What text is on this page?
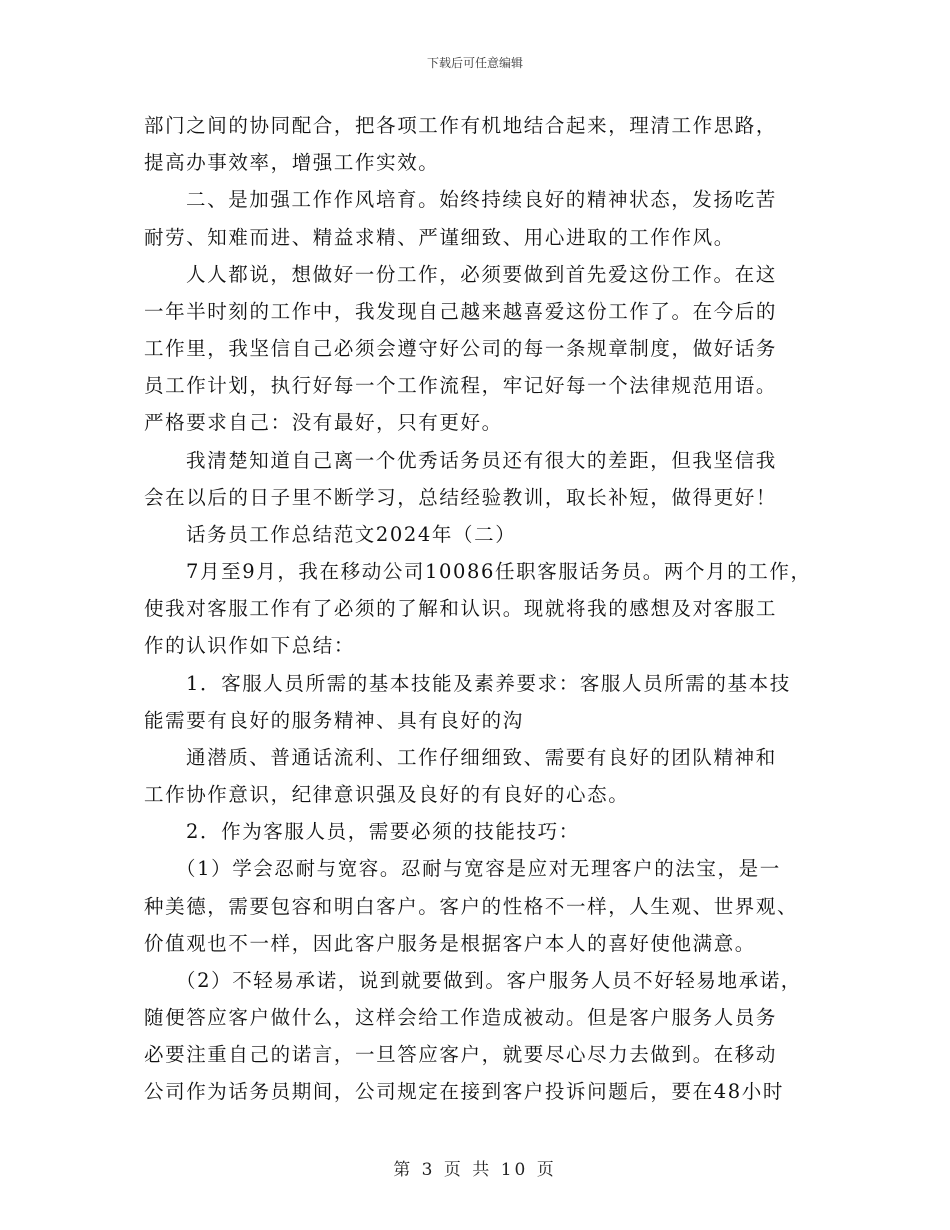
下载后可任意编辑
部门之间的协同配合，把各项工作有机地结合起来，理清工作思路，
提高办事效率，增强工作实效。
二、是加强工作作风培育。始终持续良好的精神状态，发扬吃苦
耐劳、知难而进、精益求精、严谨细致、用心进取的工作作风。
人人都说，想做好一份工作，必须要做到首先爱这份工作。在这
一年半时刻的工作中，我发现自己越来越喜爱这份工作了。在今后的
工作里，我坚信自己必须会遵守好公司的每一条规章制度，做好话务
员工作计划，执行好每一个工作流程，牢记好每一个法律规范用语。
严格要求自己：没有最好，只有更好。
我清楚知道自己离一个优秀话务员还有很大的差距，但我坚信我
会在以后的日子里不断学习，总结经验教训，取长补短，做得更好！
话务员工作总结范文2024年（二）
7月至9月，我在移动公司10086任职客服话务员。两个月的工作，
使我对客服工作有了必须的了解和认识。现就将我的感想及对客服工
作的认识作如下总结：
1．客服人员所需的基本技能及素养要求：客服人员所需的基本技
能需要有良好的服务精神、具有良好的沟
通潜质、普通话流利、工作仔细细致、需要有良好的团队精神和
工作协作意识，纪律意识强及良好的有良好的心态。
2．作为客服人员，需要必须的技能技巧：
（1）学会忍耐与宽容。忍耐与宽容是应对无理客户的法宝，是一
种美德，需要包容和明白客户。客户的性格不一样，人生观、世界观、
价值观也不一样，因此客户服务是根据客户本人的喜好使他满意。
（2）不轻易承诺，说到就要做到。客户服务人员不好轻易地承诺，
随便答应客户做什么，这样会给工作造成被动。但是客户服务人员务
必要注重自己的诺言，一旦答应客户，就要尽心尽力去做到。在移动
公司作为话务员期间，公司规定在接到客户投诉问题后，要在48小时
第 3 页 共 10 页
